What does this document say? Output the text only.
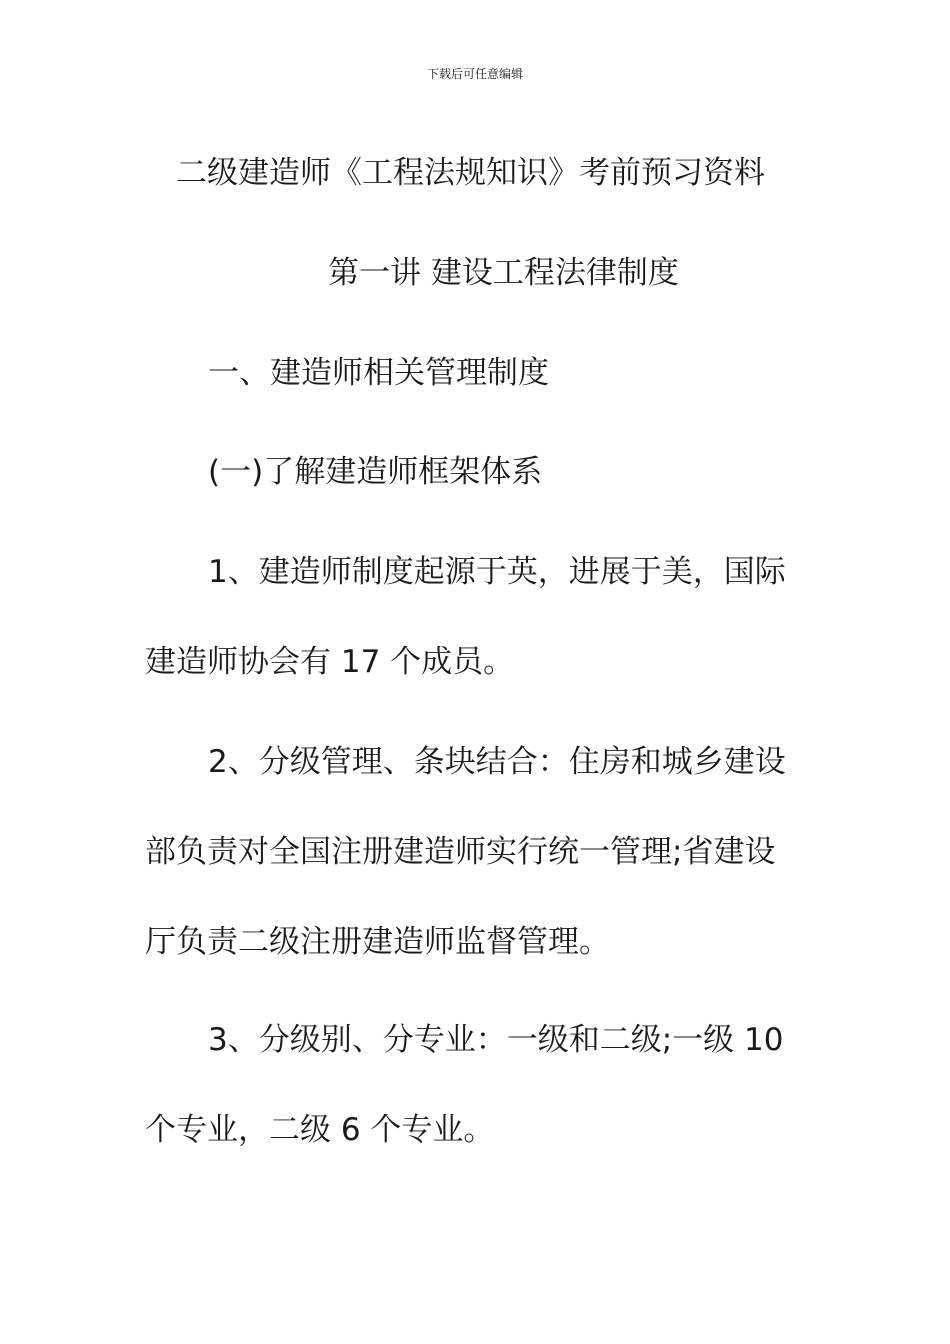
下载后可任意编辑
二级建造师《工程法规知识》考前预习资料
第一讲 建设工程法律制度
一、建造师相关管理制度
(一)了解建造师框架体系
1、建造师制度起源于英，进展于美，国际
建造师协会有 17 个成员。
2、分级管理、条块结合：住房和城乡建设
部负责对全国注册建造师实行统一管理;省建设
厅负责二级注册建造师监督管理。
3、分级别、分专业：一级和二级;一级 10
个专业，二级 6 个专业。
